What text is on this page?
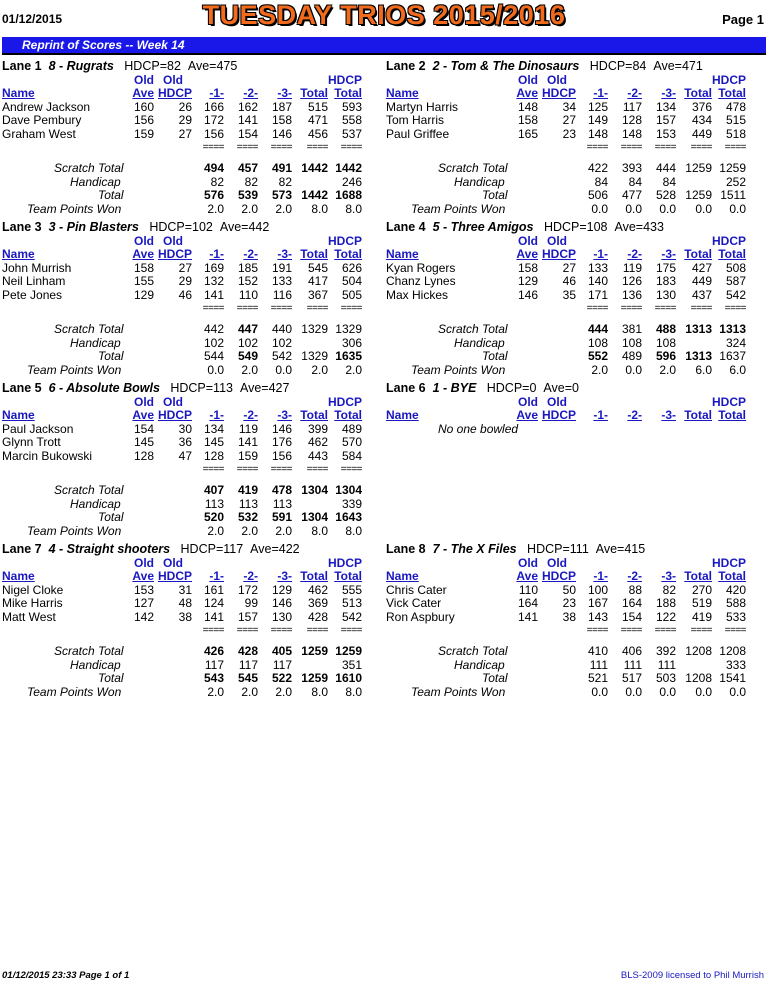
01/12/2015	TUESDAY TRIOS 2015/2016	Page 1
Reprint of Scores -- Week 14
Lane 1 8 - Rugrats HDCP=82 Ave=475
	Old	Old					HDCP	
Name	Ave	HDCP	-1-	-2-	-3-	Total	Total	
Andrew Jackson	160	26	166	162	187	515	593	
Dave Pembury	156	29	172	141	158	471	558	
Graham West	159	27	156	154	146	456	537	
			====	====	====	====	====	

Scratch Total			494	457	491	1442	1442	
Handicap			82	82	82		246	
Total			576	539	573	1442	1688	
Team Points Won			2.0	2.0	2.0	8.0	8.0	
Lane 2 2 - Tom & The Dinosaurs HDCP=84 Ave=471
	Old	Old					HDCP	
Name	Ave	HDCP	-1-	-2-	-3-	Total	Total	
Martyn Harris	148	34	125	117	134	376	478	
Tom Harris	158	27	149	128	157	434	515	
Paul Griffee	165	23	148	148	153	449	518	
			====	====	====	====	====	

Scratch Total			422	393	444	1259	1259	
Handicap			84	84	84		252	
Total			506	477	528	1259	1511	
Team Points Won			0.0	0.0	0.0	0.0	0.0	
Lane 3 3 - Pin Blasters HDCP=102 Ave=442
	Old	Old					HDCP	
Name	Ave	HDCP	-1-	-2-	-3-	Total	Total	
John Murrish	158	27	169	185	191	545	626	
Neil Linham	155	29	132	152	133	417	504	
Pete Jones	129	46	141	110	116	367	505	
			====	====	====	====	====	

Scratch Total			442	447	440	1329	1329	
Handicap			102	102	102		306	
Total			544	549	542	1329	1635	
Team Points Won			0.0	2.0	0.0	2.0	2.0	
Lane 4 5 - Three Amigos HDCP=108 Ave=433
	Old	Old					HDCP	
Name	Ave	HDCP	-1-	-2-	-3-	Total	Total	
Kyan Rogers	158	27	133	119	175	427	508	
Chanz Lynes	129	46	140	126	183	449	587	
Max Hickes	146	35	171	136	130	437	542	
			====	====	====	====	====	

Scratch Total			444	381	488	1313	1313	
Handicap			108	108	108		324	
Total			552	489	596	1313	1637	
Team Points Won			2.0	0.0	2.0	6.0	6.0	
Lane 5 6 - Absolute Bowls HDCP=113 Ave=427
	Old	Old					HDCP	
Name	Ave	HDCP	-1-	-2-	-3-	Total	Total	
Paul Jackson	154	30	134	119	146	399	489	
Glynn Trott	145	36	145	141	176	462	570	
Marcin Bukowski	128	47	128	159	156	443	584	
			====	====	====	====	====	

Scratch Total			407	419	478	1304	1304	
Handicap			113	113	113		339	
Total			520	532	591	1304	1643	
Team Points Won			2.0	2.0	2.0	8.0	8.0	
Lane 6 1 - BYE HDCP=0 Ave=0
	Old	Old					HDCP	
Name	Ave	HDCP	-1-	-2-	-3-	Total	Total	
No one bowled								
Lane 7 4 - Straight shooters HDCP=117 Ave=422
	Old	Old					HDCP	
Name	Ave	HDCP	-1-	-2-	-3-	Total	Total	
Nigel Cloke	153	31	161	172	129	462	555	
Mike Harris	127	48	124	99	146	369	513	
Matt West	142	38	141	157	130	428	542	
			====	====	====	====	====	

Scratch Total			426	428	405	1259	1259	
Handicap			117	117	117		351	
Total			543	545	522	1259	1610	
Team Points Won			2.0	2.0	2.0	8.0	8.0	
Lane 8 7 - The X Files HDCP=111 Ave=415
	Old	Old					HDCP	
Name	Ave	HDCP	-1-	-2-	-3-	Total	Total	
Chris Cater	110	50	100	88	82	270	420	
Vick Cater	164	23	167	164	188	519	588	
Ron Aspbury	141	38	143	154	122	419	533	
			====	====	====	====	====	

Scratch Total			410	406	392	1208	1208	
Handicap			111	111	111		333	
Total			521	517	503	1208	1541	
Team Points Won			0.0	0.0	0.0	0.0	0.0	
01/12/2015 23:33 Page 1 of 1	BLS-2009 licensed to Phil Murrish
